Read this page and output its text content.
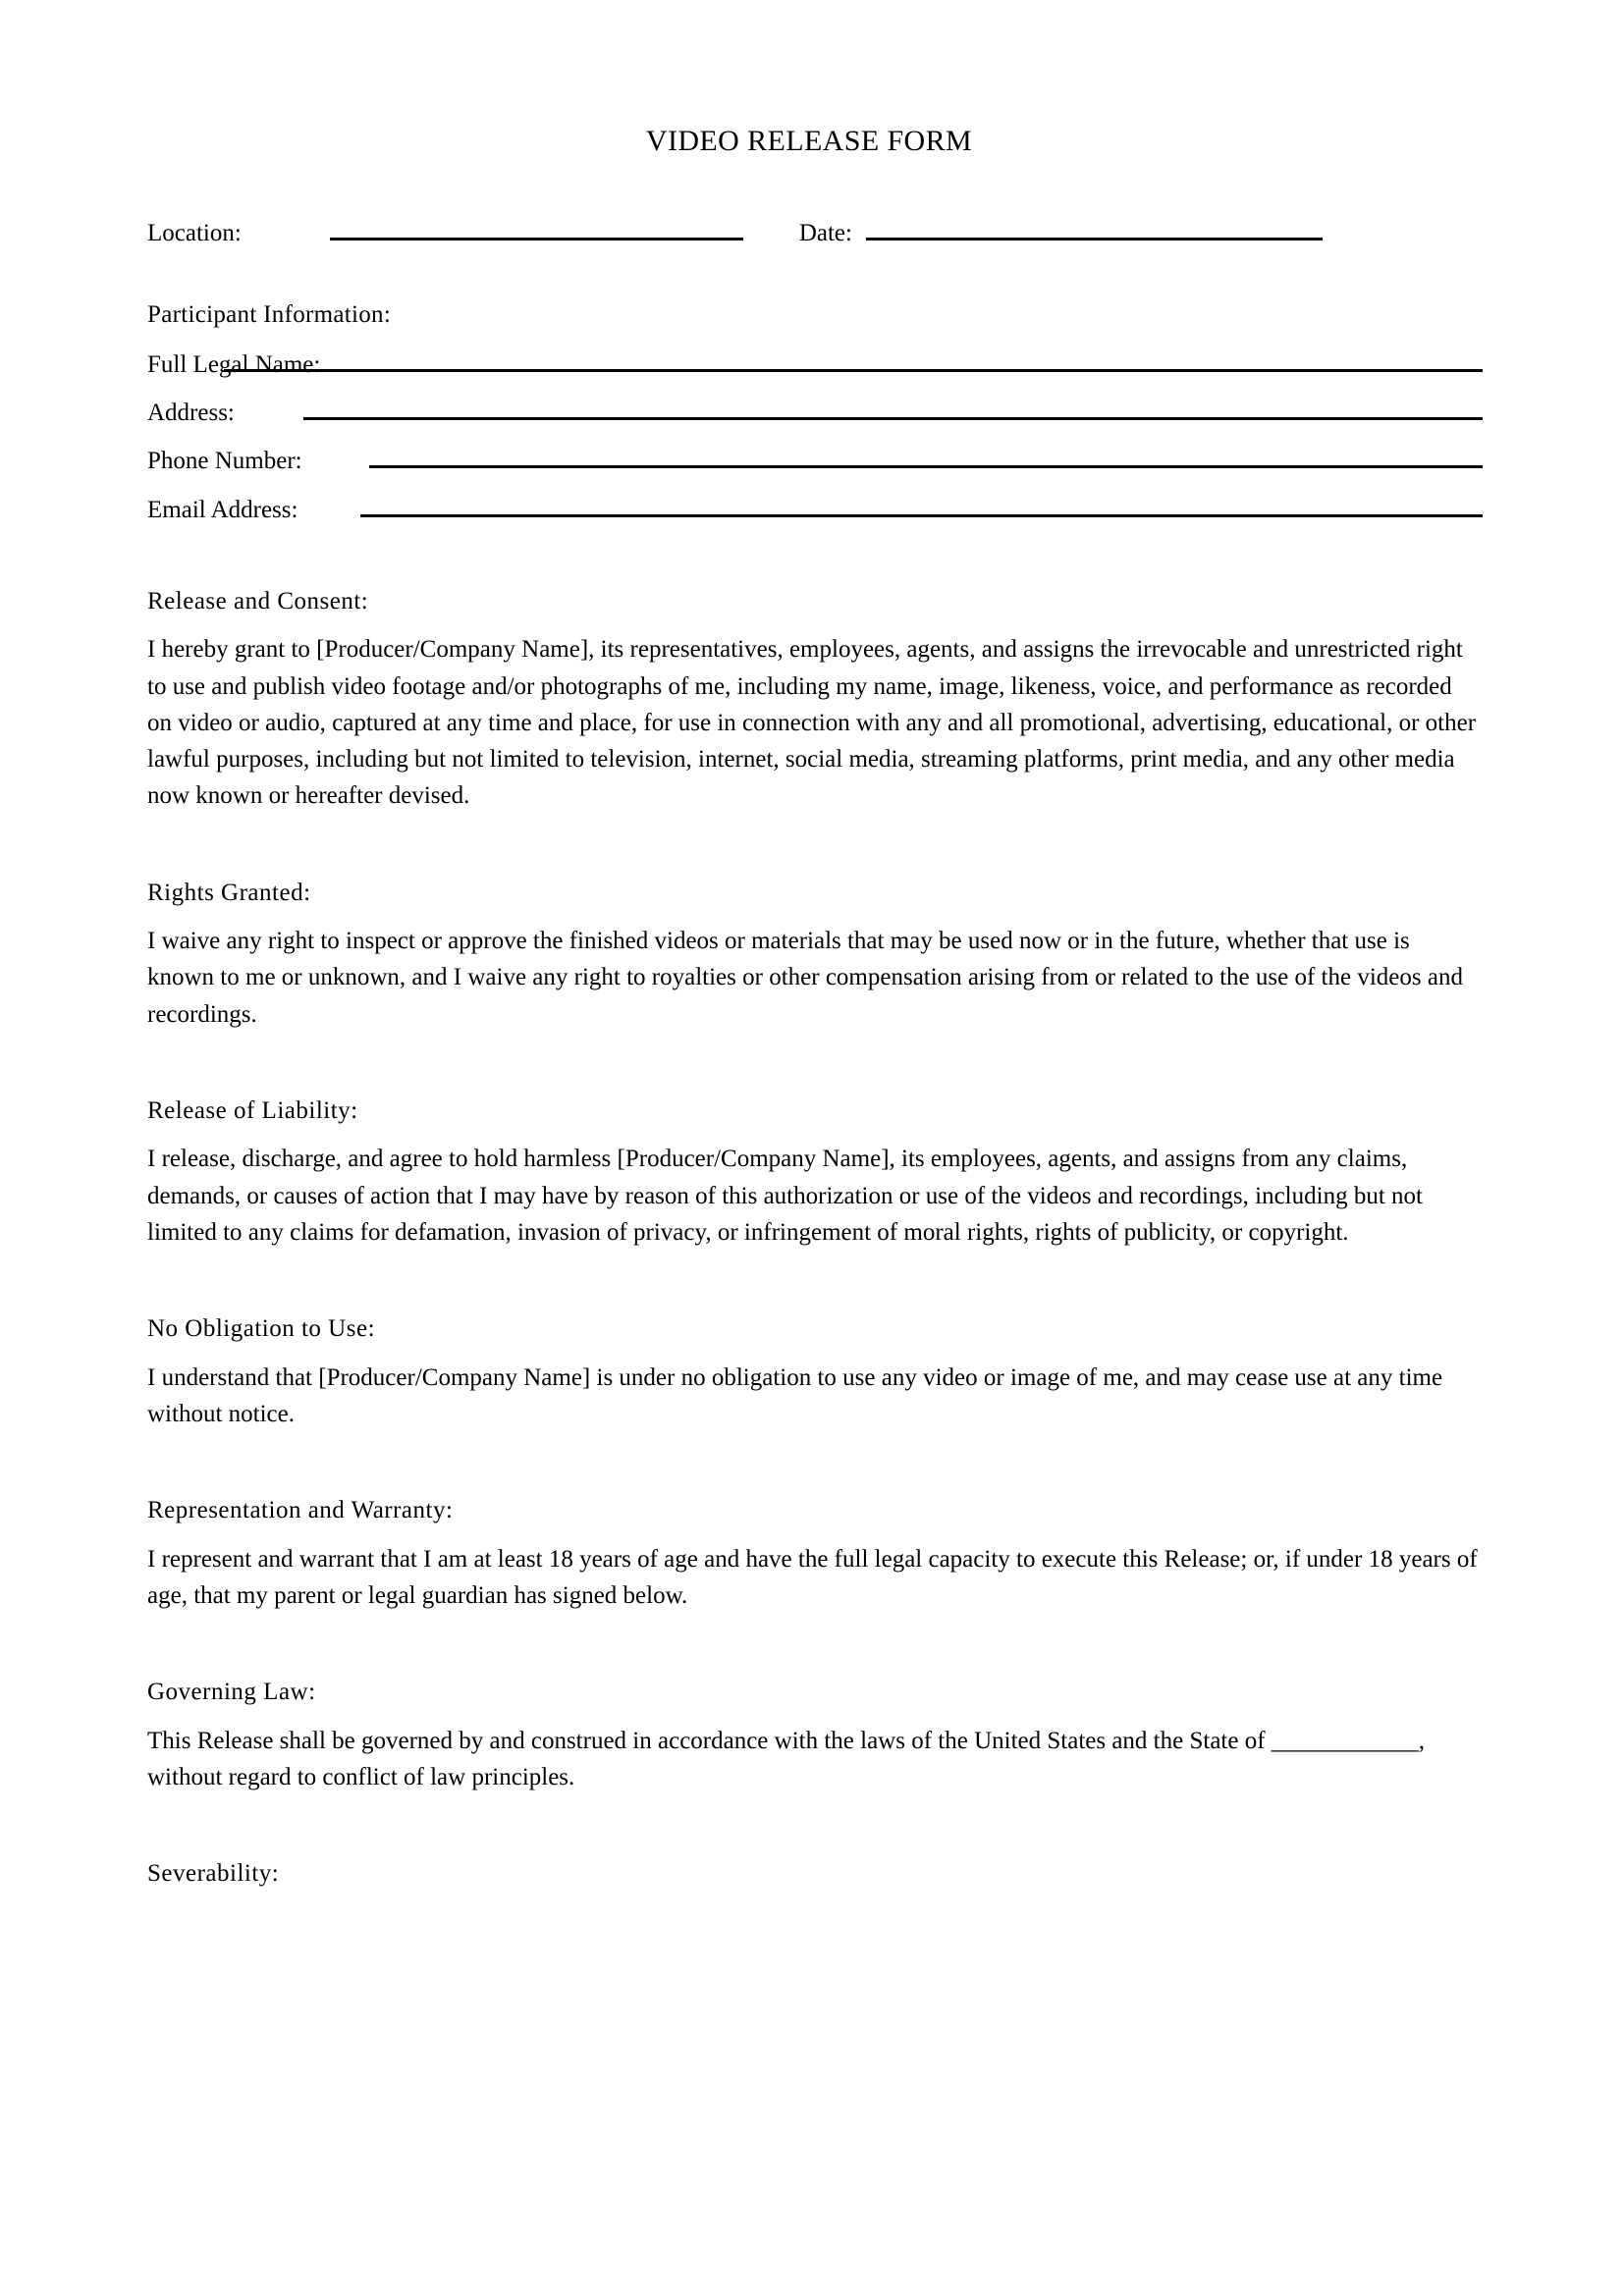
VIDEO RELEASE FORM
Location:	Date:
Participant Information:
Full Legal Name:
Address:
Phone Number:
Email Address:
Release and Consent:

I hereby grant to [Producer/Company Name], its representatives, employees, agents, and assigns the irrevocable and unrestricted right to use and publish video footage and/or photographs of me, including my name, image, likeness, voice, and performance as recorded on video or audio, captured at any time and place, for use in connection with any and all promotional, advertising, educational, or other lawful purposes, including but not limited to television, internet, social media, streaming platforms, print media, and any other media now known or hereafter devised.

Rights Granted:

I waive any right to inspect or approve the finished videos or materials that may be used now or in the future, whether that use is known to me or unknown, and I waive any right to royalties or other compensation arising from or related to the use of the videos and recordings.

Release of Liability:

I release, discharge, and agree to hold harmless [Producer/Company Name], its employees, agents, and assigns from any claims, demands, or causes of action that I may have by reason of this authorization or use of the videos and recordings, including but not limited to any claims for defamation, invasion of privacy, or infringement of moral rights, rights of publicity, or copyright.

No Obligation to Use:

I understand that [Producer/Company Name] is under no obligation to use any video or image of me, and may cease use at any time without notice.

Representation and Warranty:

I represent and warrant that I am at least 18 years of age and have the full legal capacity to execute this Release; or, if under 18 years of age, that my parent or legal guardian has signed below.

Governing Law:

This Release shall be governed by and construed in accordance with the laws of the United States and the State of ____________, without regard to conflict of law principles.

Severability:
